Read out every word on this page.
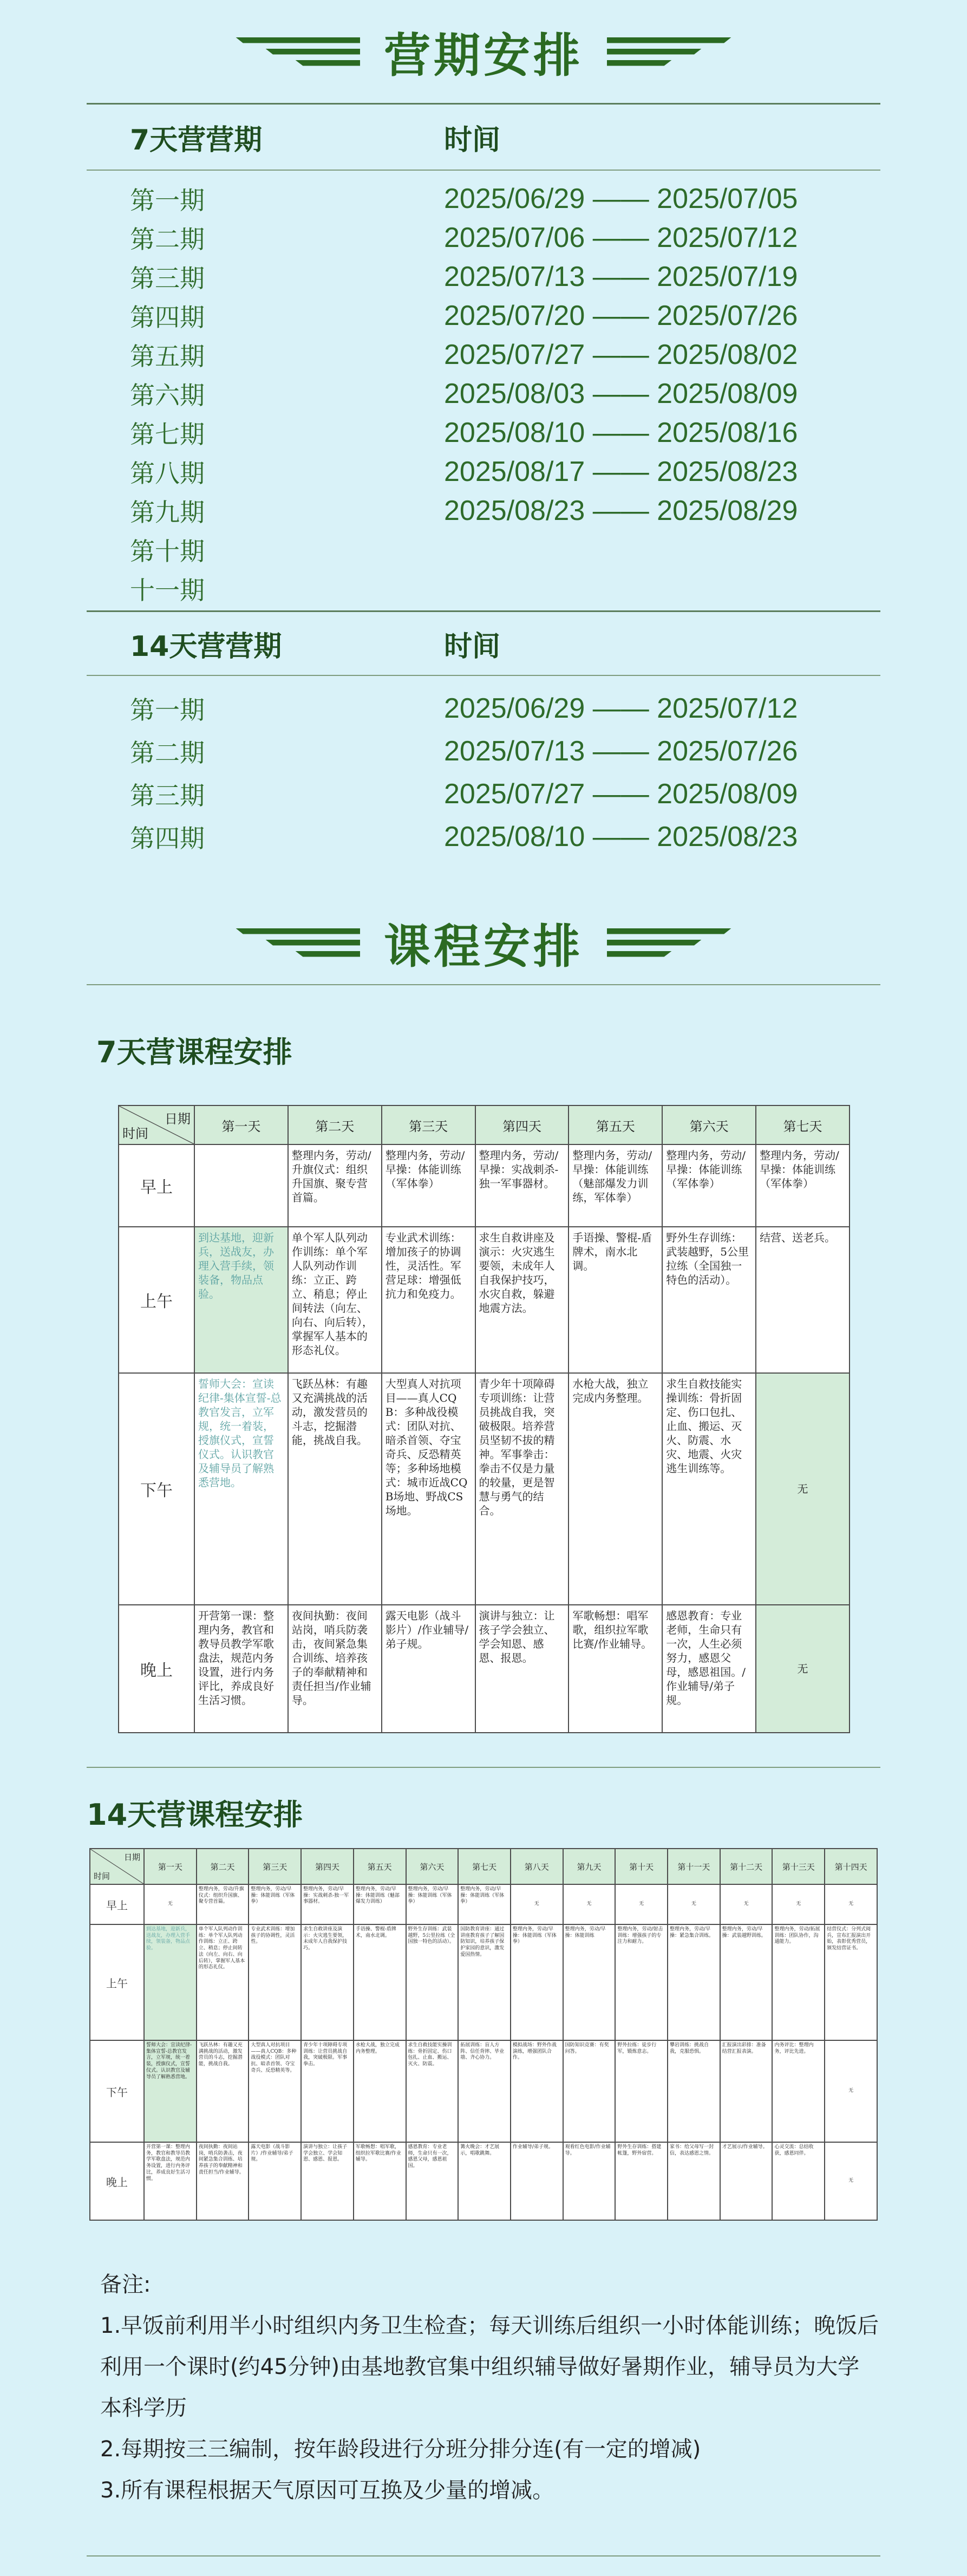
营期安排
7天营营期	时间
第一期	2025/06/29 —— 2025/07/05
第二期	2025/07/06 —— 2025/07/12
第三期	2025/07/13 —— 2025/07/19
第四期	2025/07/20 —— 2025/07/26
第五期	2025/07/27 —— 2025/08/02
第六期	2025/08/03 —— 2025/08/09
第七期	2025/08/10 —— 2025/08/16
第八期	2025/08/17 —— 2025/08/23
第九期	2025/08/23 —— 2025/08/29
第十期
十一期
14天营营期	时间
第一期	2025/06/29 —— 2025/07/12
第二期	2025/07/13 —— 2025/07/26
第三期	2025/07/27 —— 2025/08/09
第四期	2025/08/10 —— 2025/08/23
课程安排
7天营课程安排
日期
时间	第一天	第二天	第三天	第四天	第五天	第六天	第七天
早上		整理内务，劳动/升旗仪式：组织升国旗、聚专营首篇。	整理内务，劳动/早操：体能训练（军体拳）	整理内务，劳动/早操：实战刺杀-独一军事器材。	整理内务，劳动/早操：体能训练（魅部爆发力训练，军体拳）	整理内务，劳动/早操：体能训练（军体拳）	整理内务，劳动/早操：体能训练（军体拳）
上午	到达基地，迎新兵，送战友，办理入营手续，领装备，物品点验。	单个军人队列动作训练：单个军人队列动作训练：立正、跨立、稍息；停止间转法（向左、向右、向后转），掌握军人基本的形态礼仪。	专业武术训练：增加孩子的协调性，灵活性。军营足球：增强低抗力和免疫力。	求生自救讲座及演示：火灾逃生要领，未成年人自我保护技巧，水灾自救，躲避地震方法。	手语操、警棍-盾牌术，南水北调。	野外生存训练：武装越野，5公里拉练（全国独一特色的活动）。	结营、送老兵。
下午	誓师大会：宣读纪律-集体宣誓-总教官发言，立军规，统一着装，授旗仪式，宣誓仪式。认识教官及辅导员了解熟悉营地。	飞跃丛林：有趣又充满挑战的活动，激发营员的斗志，挖掘潜能，挑战自我。	大型真人对抗项目——真人CQB：多种战役模式：团队对抗、暗杀首领、夺宝奇兵、反恐精英等；多种场地模式：城市近战CQB场地、野战CS场地。	青少年十项障碍专项训练：让营员挑战自我，突破极限。培养营员坚韧不拔的精神。军事拳击：拳击不仅是力量的较量，更是智慧与勇气的结合。	水枪大战，独立完成内务整理。	求生自救技能实操训练：骨折固定、伤口包扎、止血、搬运、灭火、防震、水灾、地震、火灾逃生训练等。	无
晚上	开营第一课：整理内务，教官和教导员教学军歌盘法，规范内务设置，进行内务评比，养成良好生活习惯。	夜间执勤：夜间站岗，哨兵防袭击，夜间紧急集合训练、培养孩子的奉献精神和责任担当/作业辅导。	露天电影（战斗影片）/作业辅导/弟子规。	演讲与独立：让孩子学会独立、学会知恩、感恩、报恩。	军歌畅想：唱军歌，组织拉军歌比赛/作业辅导。	感恩教育：专业老师，生命只有一次，人生必须努力，感恩父母，感恩祖国。/作业辅导/弟子规。	无
14天营课程安排
日期
时间	第一天	第二天	第三天	第四天	第五天	第六天	第七天	第八天	第九天	第十天	第十一天	第十二天	第十三天	第十四天
早上	无	整理内务，劳动/升旗仪式：组织升国旗、聚专营首篇。	整理内务，劳动/早操：体能训练（军体拳）	整理内务，劳动/早操：实战刺杀-独一军事器材。	整理内务，劳动/早操：体能训练（魅部爆发力训练）	整理内务，劳动/早操：体能训练（军体拳）	整理内务，劳动/早操：体能训练（军体拳）	无	无	无	无	无	无	无
上午	到达基地，迎新兵，送战友，办理入营手续，领装备，物品点验。	单个军人队列动作训练：单个军人队列动作训练：立正、跨立、稍息；停止间转法（向左、向右、向后转），掌握军人基本的形态礼仪。	专业武术训练：增加孩子的协调性，灵活性。	求生自救讲座及演示：火灾逃生要领，未成年人自我保护技巧。	手语操、警棍-盾牌术，南水北调。	野外生存训练：武装越野，5公里拉练（全国独一特色的活动）。	国防教育讲座：通过讲座教育孩子了解国防知识，培养孩子保护家园的意识，激发爱国热情。	整理内务，劳动/早操：体能训练（军体拳）	整理内务，劳动/早操：体能训练	整理内务，劳动/射击训练：增强孩子的专注力和耐力。	整理内务，劳动/早操：紧急集合训练。	整理内务，劳动/早操：武装越野训练。	整理内务，劳动/拓展训练：团队协作，沟通能力。	结营仪式：分列式阅兵，宣布汇报演出开始，表彰优秀营员，颁发结营证书。
下午	誓师大会：宣读纪律-集体宣誓-总教官发言，立军规，统一着装，授旗仪式，宣誓仪式。认识教官及辅导员了解熟悉营地。	飞跃丛林：有趣又充满挑战的活动，激发营员的斗志，挖掘潜能，挑战自我。	大型真人对抗项目——真人CQB：多种战役模式：团队对抗、暗杀首领、夺宝奇兵、反恐精英等。	青少年十项障碍专项训练：让营员挑战自我，突破极限。军事拳击。	水枪大战，独立完成内务整理。	求生自救技能实操训练：骨折固定、伤口包扎、止血、搬运、灭火、防震。	拓展训练：盲人方阵、信任背摔、毕业墙、齐心协力。	模拟战场：野外作战演练，增强团队合作。	国防知识竞赛：有奖问答。	野外拉练：徒步行军，锻炼意志。	攀岩训练：挑战自我，克服恐惧。	汇报演出彩排：准备结营汇报表演。	内务评比：整理内务，评比先进。	无
晚上	开营第一课：整理内务，教官和教导员教学军歌盘法，规范内务设置，进行内务评比，养成良好生活习惯。	夜间执勤：夜间站岗，哨兵防袭击，夜间紧急集合训练、培养孩子的奉献精神和责任担当/作业辅导。	露天电影（战斗影片）/作业辅导/弟子规。	演讲与独立：让孩子学会独立、学会知恩、感恩、报恩。	军歌畅想：唱军歌，组织拉军歌比赛/作业辅导。	感恩教育：专业老师，生命只有一次，感恩父母，感恩祖国。	篝火晚会：才艺展示，唱歌跳舞。	作业辅导/弟子规。	观看红色电影/作业辅导。	野外生存训练：搭建帐篷，野外宿营。	家书：给父母写一封信，表达感恩之情。	才艺展示/作业辅导。	心灵交流：总结收获，感恩同伴。	无
备注:
1.早饭前利用半小时组织内务卫生检查；每天训练后组织一小时体能训练；晚饭后利用一个课时(约45分钟)由基地教官集中组织辅导做好暑期作业，辅导员为大学本科学历
2.每期按三三编制，按年龄段进行分班分排分连(有一定的增减)
3.所有课程根据天气原因可互换及少量的增减。
